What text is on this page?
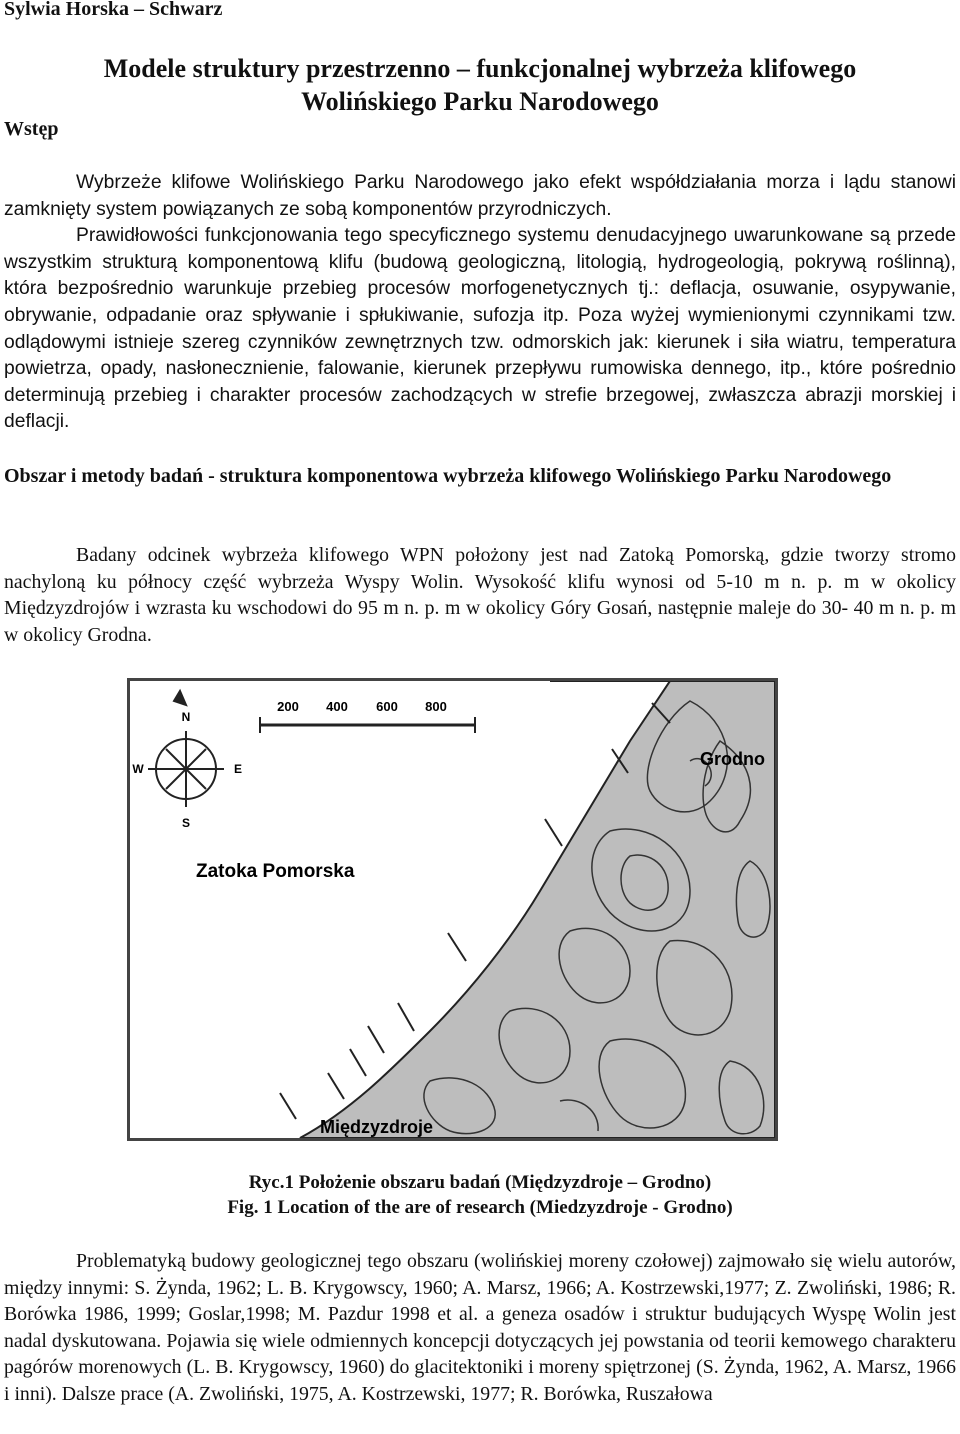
Sylwia Horska – Schwarz
Modele struktury przestrzenno – funkcjonalnej wybrzeża klifowego
Wolińskiego Parku Narodowego
Wstęp
Wybrzeże klifowe Wolińskiego Parku Narodowego jako efekt współdziałania morza i lądu stanowi zamknięty system powiązanych ze sobą komponentów przyrodniczych.
Prawidłowości funkcjonowania tego specyficznego systemu denudacyjnego uwarunkowane są przede wszystkim strukturą komponentową klifu (budową geologiczną, litologią, hydrogeologią, pokrywą roślinną), która bezpośrednio warunkuje przebieg procesów morfogenetycznych tj.: deflacja, osuwanie, osypywanie, obrywanie, odpadanie oraz spływanie i spłukiwanie, sufozja itp. Poza wyżej wymienionymi czynnikami tzw. odlądowymi istnieje szereg czynników zewnętrznych tzw. odmorskich jak: kierunek i siła wiatru, temperatura powietrza, opady, nasłonecznienie, falowanie, kierunek przepływu rumowiska dennego, itp., które pośrednio determinują przebieg i charakter procesów zachodzących w strefie brzegowej, zwłaszcza abrazji morskiej i deflacji.
Obszar i metody badań - struktura komponentowa wybrzeża klifowego Wolińskiego Parku Narodowego
Badany odcinek wybrzeża klifowego WPN położony jest nad Zatoką Pomorską, gdzie tworzy stromo nachyloną ku północy część wybrzeża Wyspy Wolin. Wysokość klifu wynosi od 5-10 m n. p. m w okolicy Międzyzdrojów i wzrasta ku wschodowi do 95 m n. p. m w okolicy Góry Gosań, następnie maleje do 30- 40 m n. p. m w okolicy Grodna.
N
S
E
W
200 400 600 800
Zatoka Pomorska
Grodno
Międzyzdroje
Ryc.1 Położenie obszaru badań (Międzyzdroje – Grodno)
Fig. 1 Location of the are of research (Miedzyzdroje - Grodno)
Problematyką budowy geologicznej tego obszaru (wolińskiej moreny czołowej) zajmowało się wielu autorów, między innymi: S. Żynda, 1962; L. B. Krygowscy, 1960; A. Marsz, 1966; A. Kostrzewski,1977; Z. Zwoliński, 1986; R. Borówka 1986, 1999; Goslar,1998; M. Pazdur 1998 et al. a geneza osadów i struktur budujących Wyspę Wolin jest nadal dyskutowana. Pojawia się wiele odmiennych koncepcji dotyczących jej powstania od teorii kemowego charakteru pagórów morenowych (L. B. Krygowscy, 1960) do glacitektoniki i moreny spiętrzonej (S. Żynda, 1962, A. Marsz, 1966 i inni). Dalsze prace (A. Zwoliński, 1975, A. Kostrzewski, 1977; R. Borówka, Ruszałowa
